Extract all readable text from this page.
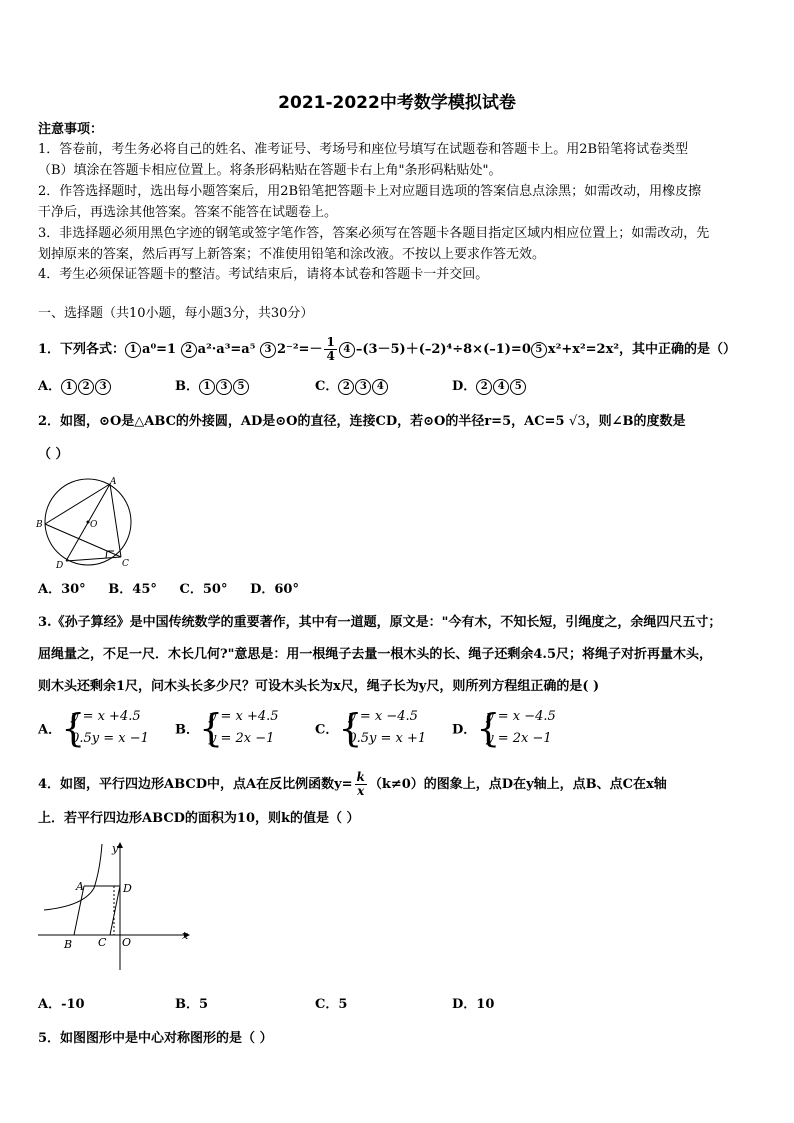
2021-2022中考数学模拟试卷
注意事项：
1．答卷前，考生务必将自己的姓名、准考证号、考场号和座位号填写在试题卷和答题卡上。用2B铅笔将试卷类型
（B）填涂在答题卡相应位置上。将条形码粘贴在答题卡右上角"条形码粘贴处"。
2．作答选择题时，选出每小题答案后，用2B铅笔把答题卡上对应题目选项的答案信息点涂黑；如需改动，用橡皮擦
干净后，再选涂其他答案。答案不能答在试题卷上。
3．非选择题必须用黑色字迹的钢笔或签字笔作答，答案必须写在答题卡各题目指定区域内相应位置上；如需改动，先
划掉原来的答案，然后再写上新答案；不准使用铅笔和涂改液。不按以上要求作答无效。
4．考生必须保证答题卡的整洁。考试结束后，请将本试卷和答题卡一并交回。
一、选择题（共10小题，每小题3分，共30分）
1．下列各式： 1 a⁰=1 2 a²·a³=a⁵ 3 $2^{-2}=- \frac{1}{4} 4$ –(3－5)＋(–2)⁴÷8×(–1)=0 5 x²+x²=2x²，其中正确的是（）
A． 1 2 3	B． 1 3 5	C． 2 3 4	D． 2 4 5
2．如图，⊙O是△ABC的外接圆，AD是⊙O的直径，连接CD，若⊙O的半径r=5，AC=5 √3，则∠B的度数是
（ ）
A
B	O
D	C
A．30°     B．45°     C．50°     D．60°
3.《孙子算经》是中国传统数学的重要著作，其中有一道题，原文是："今有木，不知长短，引绳度之，余绳四尺五寸；
屈绳量之，不足一尺．木长几何?"意思是：用一根绳子去量一根木头的长、绳子还剩余4.5尺；将绳子对折再量木头，
则木头还剩余1尺，问木头长多少尺？可设木头长为x尺，绳子长为y尺，则所列方程组正确的是( )
A． {
y = x +4.5
0.5y = x −1
B． {
y = x +4.5
y = 2x −1
C． {
y = x −4.5
0.5y = x +1
D． {
y = x −4.5
y = 2x −1
4．如图，平行四边形ABCD中，点A在反比例函数$y= \frac{k}{x} (k\ne 0)$的图象上，点D在y轴上，点B、点C在x轴
上．若平行四边形ABCD的面积为10，则k的值是（ ）
y
x
A	D
B C O
A．-10	B．5	C．5	D．10
5．如图图形中是中心对称图形的是（ ）
